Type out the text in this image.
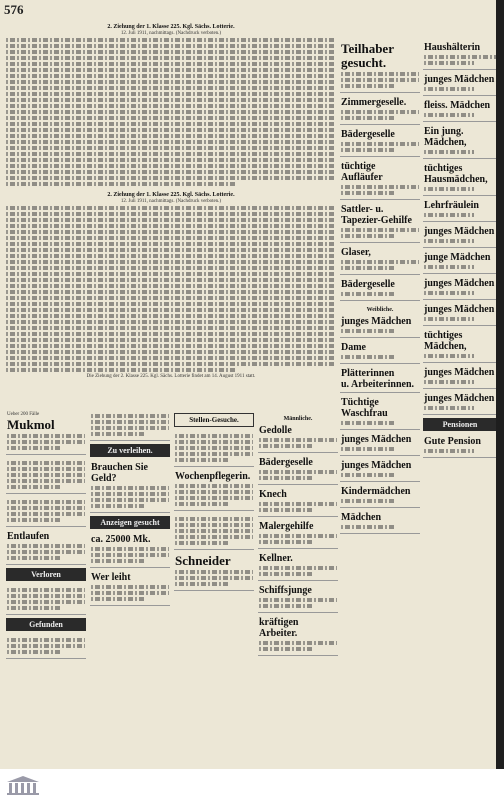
576
2. Ziehung der 1. Klasse 225. Kgl. Sächs. Lotterie.
12. Juli 1911, nachmittags. (Nachdruck verboten.)
2. Ziehung der 1. Klasse 225. Kgl. Sächs. Lotterie.
12. Juli 1911, nachmittags. (Nachdruck verboten.)
Die Ziehung der 2. Klasse 225. Kgl. Sächs. Lotterie findet am 14. August 1911 statt.
Ueber 200 Fälle
Mukmol
Entlaufen
Verloren
Gefunden
Zu verleihen.
Brauchen Sie Geld?
Anzeigen gesucht
ca. 25000 Mk.
Wer leiht
Stellen-Gesuche.
Wochenpflegerin.
Schneider
Männliche.
Gedolle
Bädergeselle
Knech
Malergehilfe
Kellner.
Schiffsjunge
kräftigen Arbeiter.
Teilhaber gesucht.
Zimmergeselle.
Bädergeselle
tüchtige Aufläufer
Sattler- u. Tapezier-Gehilfe
Glaser,
Bädergeselle
Weibliche.
junges Mädchen
Dame
Plätterinnen
u. Arbeiterinnen.
Tüchtige Waschfrau
junges Mädchen
junges Mädchen
Kindermädchen
Mädchen
Haushälterin
junges Mädchen
fleiss. Mädchen
Ein jung. Mädchen,
tüchtiges Hausmädchen,
Lehrfräulein
junges Mädchen
junge Mädchen
junges Mädchen
junges Mädchen
tüchtiges Mädchen,
junges Mädchen
junges Mädchen
Pensionen
Gute Pension
